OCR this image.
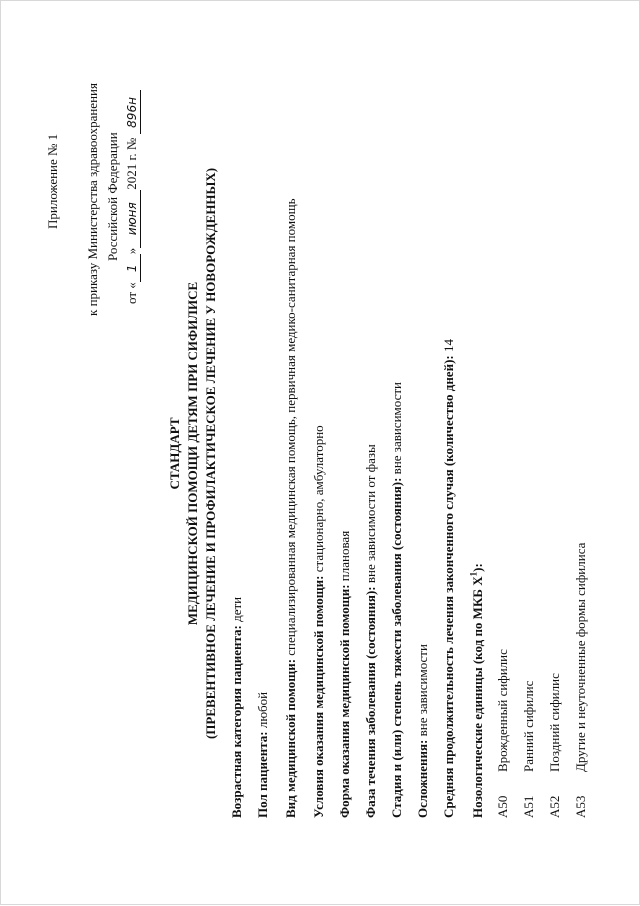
Приложение № 1 к приказу Министерства здравоохранения Российской Федерации
от «1»июня2021 г. № 896н
СТАНДАРТ МЕДИЦИНСКОЙ ПОМОЩИ ДЕТЯМ ПРИ СИФИЛИСЕ (ПРЕВЕНТИВНОЕ ЛЕЧЕНИЕ И ПРОФИЛАКТИЧЕСКОЕ ЛЕЧЕНИЕ У НОВОРОЖДЕННЫХ) Возрастная категория пациента: дети
Пол пациента: любой Вид медицинской помощи: специализированная медицинская помощь, первичная медико-санитарная помощь
Условия оказания медицинской помощи: стационарно, амбулаторно
Форма оказания медицинской помощи: плановая
Фаза течения заболевания (состояния): вне зависимости от фазы Стадия и (или) степень тяжести заболевания (состояния): вне зависимости
Осложнения: вне зависимости Средняя продолжительность лечения законченного случая (количество дней): 14
Нозологические единицы (код по МКБ $X^1$):
A50Врожденный сифилис
A51Ранний сифилис
A52Поздний сифилис
A53Другие и неуточненные формы сифилиса
